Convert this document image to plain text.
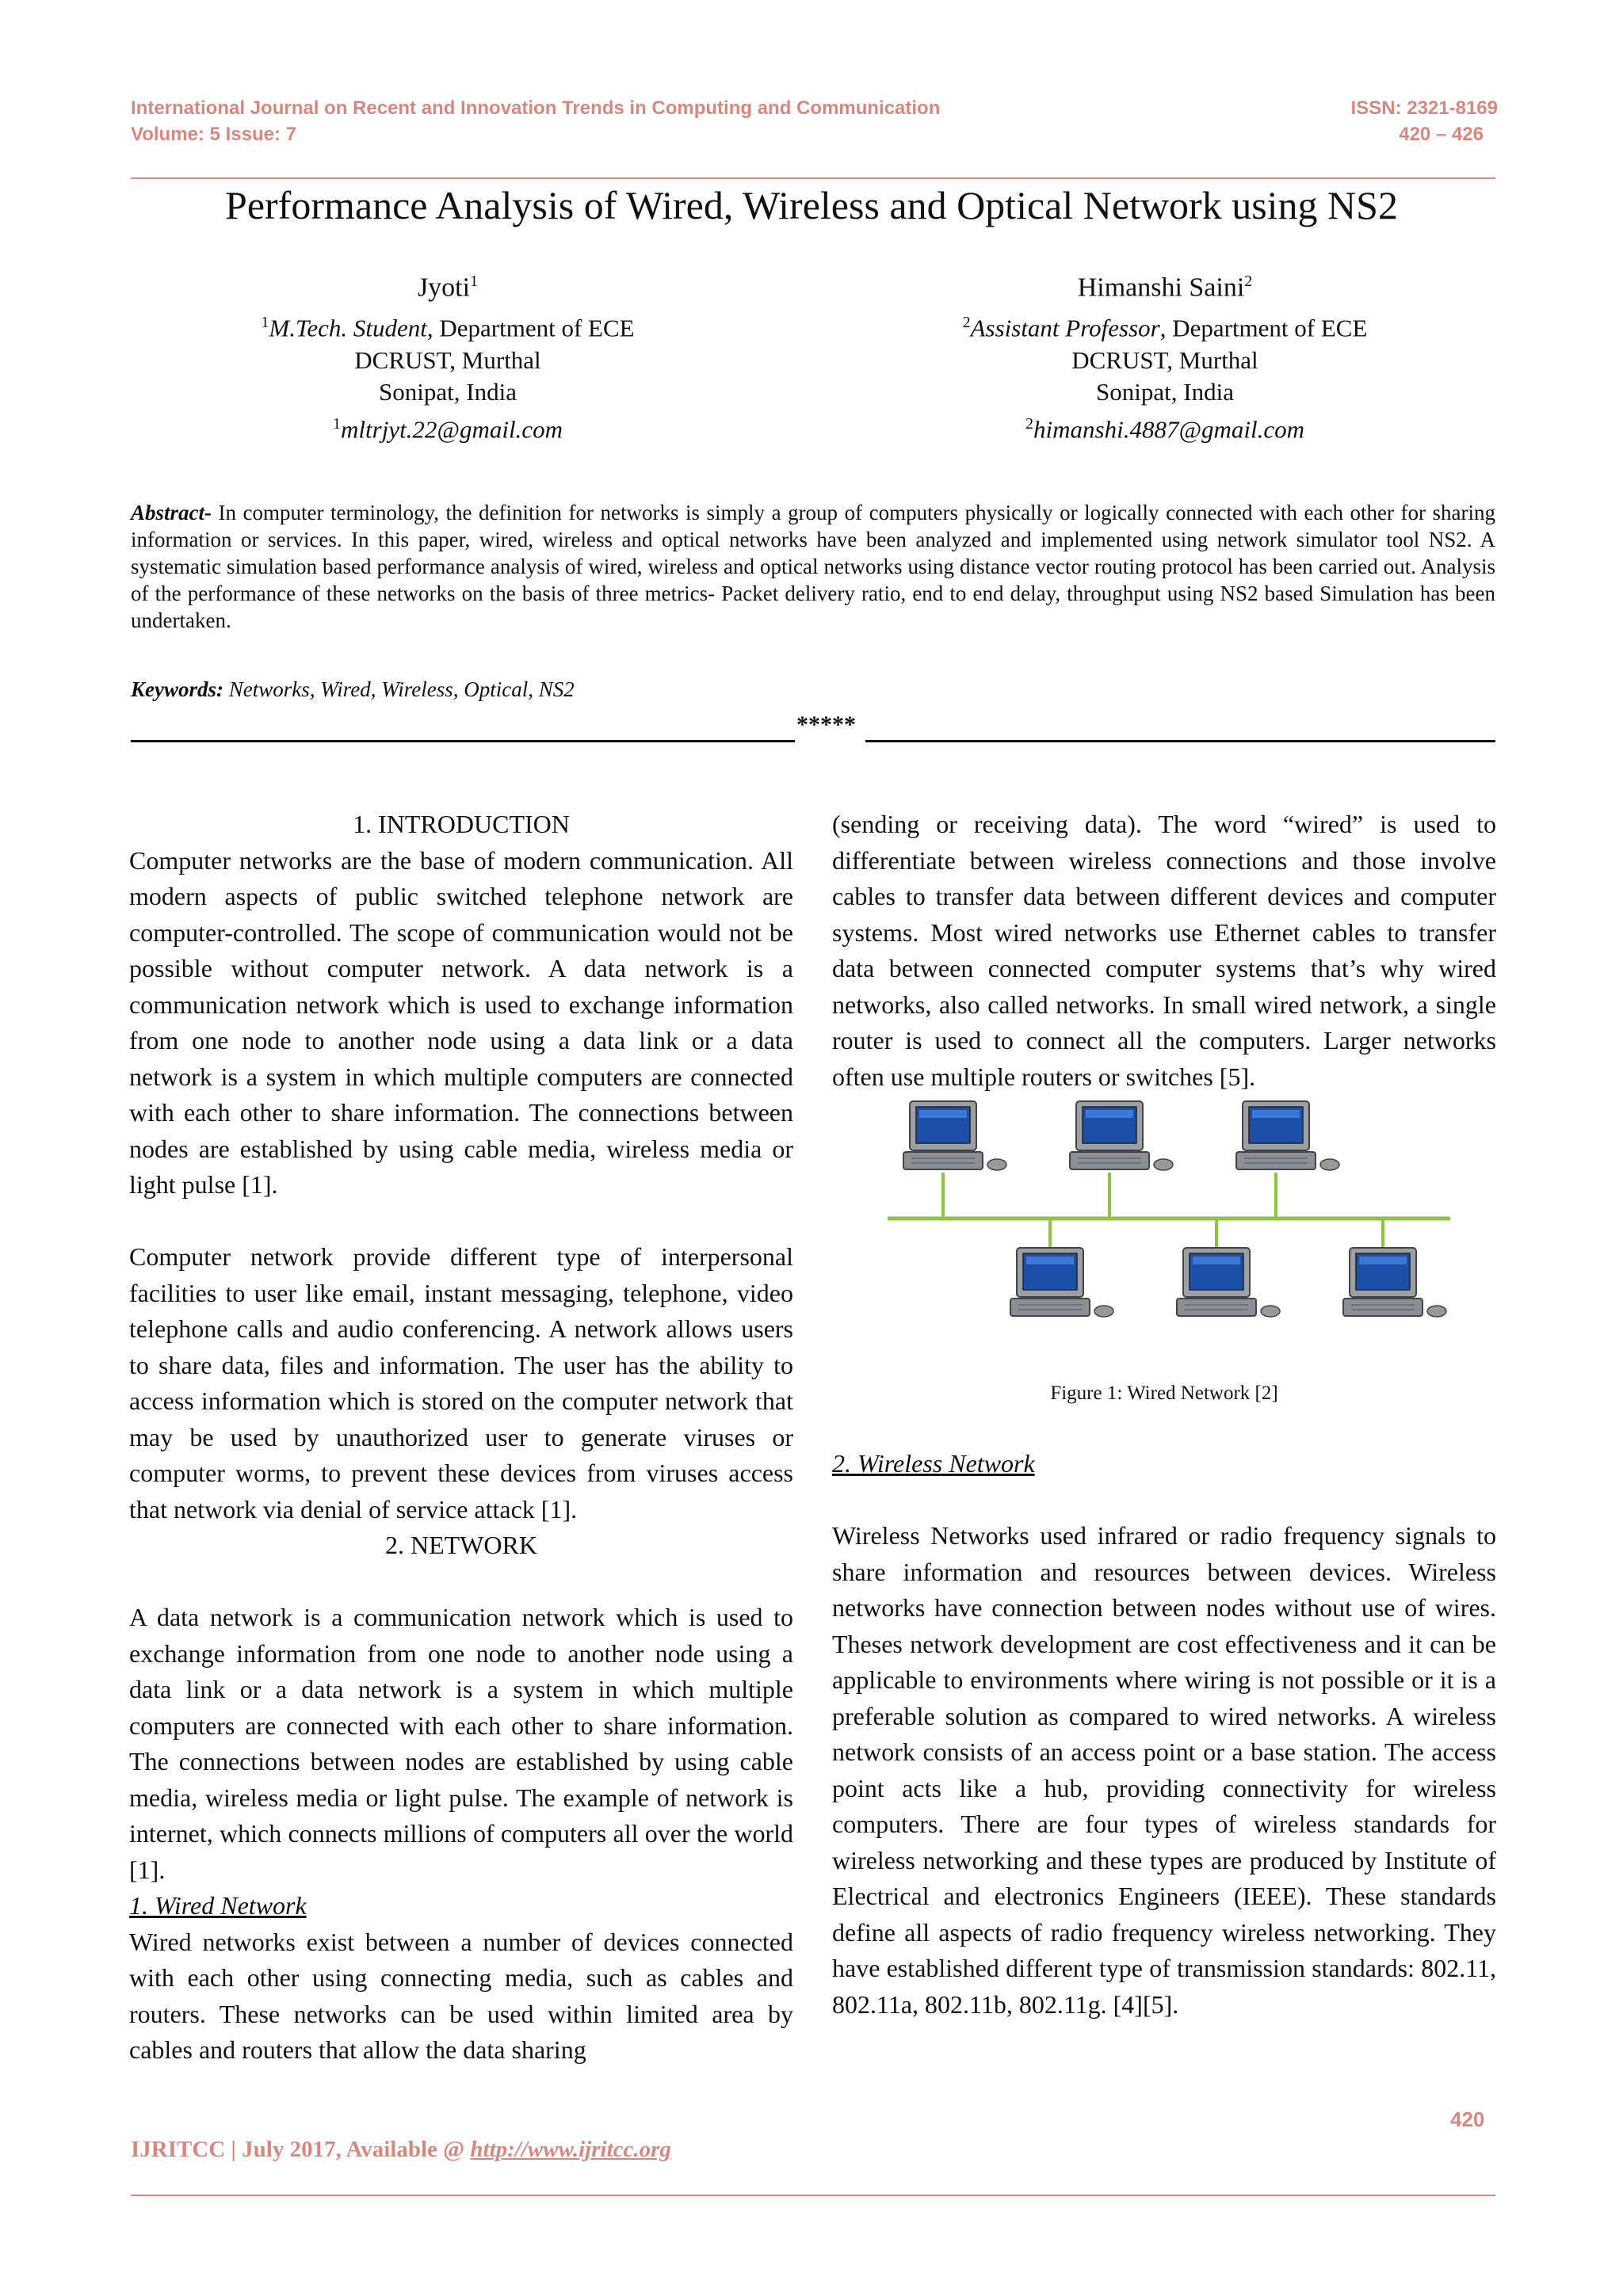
International Journal on Recent and Innovation Trends in Computing and Communication	ISSN: 2321-8169
Volume: 5 Issue: 7	420 – 426
Performance Analysis of Wired, Wireless and Optical Network using NS2
Jyoti$^1$
$^1$M.Tech. Student, Department of ECE
DCRUST, Murthal
Sonipat, India
$^1$mltrjyt.22@gmail.com
Himanshi Saini$^2$
$^2$Assistant Professor, Department of ECE
DCRUST, Murthal
Sonipat, India
$^2$himanshi.4887@gmail.com
Abstract- In computer terminology, the definition for networks is simply a group of computers physically or logically connected with each other for sharing information or services. In this paper, wired, wireless and optical networks have been analyzed and implemented using network simulator tool NS2. A systematic simulation based performance analysis of wired, wireless and optical networks using distance vector routing protocol has been carried out. Analysis of the performance of these networks on the basis of three metrics- Packet delivery ratio, end to end delay, throughput using NS2 based Simulation has been undertaken.
Keywords: Networks, Wired, Wireless, Optical, NS2
*****

1. INTRODUCTION

Computer networks are the base of modern communication. All modern aspects of public switched telephone network are computer-controlled. The scope of communication would not be possible without computer network. A data network is a communication network which is used to exchange information from one node to another node using a data link or a data network is a system in which multiple computers are connected with each other to share information. The connections between nodes are established by using cable media, wireless media or light pulse [1].

Computer network provide different type of interpersonal facilities to user like email, instant messaging, telephone, video telephone calls and audio conferencing. A network allows users to share data, files and information. The user has the ability to access information which is stored on the computer network that may be used by unauthorized user to generate viruses or computer worms, to prevent these devices from viruses access that network via denial of service attack [1].

2. NETWORK

A data network is a communication network which is used to exchange information from one node to another node using a data link or a data network is a system in which multiple computers are connected with each other to share information. The connections between nodes are established by using cable media, wireless media or light pulse. The example of network is internet, which connects millions of computers all over the world [1].

1. Wired Network

Wired networks exist between a number of devices connected with each other using connecting media, such as cables and routers. These networks can be used within limited area by cables and routers that allow the data sharing

(sending or receiving data). The word “wired” is used to differentiate between wireless connections and those involve cables to transfer data between different devices and computer systems. Most wired networks use Ethernet cables to transfer data between connected computer systems that’s why wired networks, also called networks. In small wired network, a single router is used to connect all the computers. Larger networks often use multiple routers or switches [5].

Figure 1: Wired Network [2]

2. Wireless Network

Wireless Networks used infrared or radio frequency signals to share information and resources between devices. Wireless networks have connection between nodes without use of wires. Theses network development are cost effectiveness and it can be applicable to environments where wiring is not possible or it is a preferable solution as compared to wired networks. A wireless network consists of an access point or a base station. The access point acts like a hub, providing connectivity for wireless computers. There are four types of wireless standards for wireless networking and these types are produced by Institute of Electrical and electronics Engineers (IEEE). These standards define all aspects of radio frequency wireless networking. They have established different type of transmission standards: 802.11, 802.11a, 802.11b, 802.11g. [4][5].

420
IJRITCC | July 2017, Available @ http://www.ijritcc.org
